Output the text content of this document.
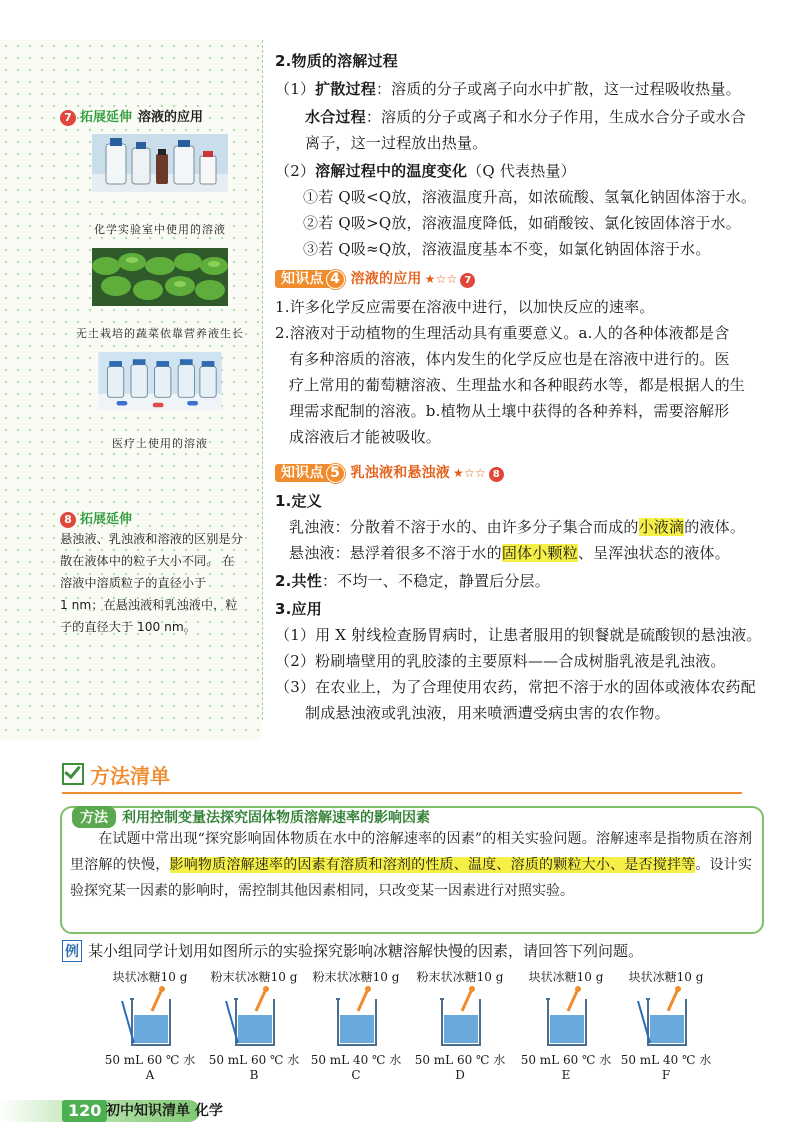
7 拓展延伸 溶液的应用
化学实验室中使用的溶液
无土栽培的蔬菜依靠营养液生长
医疗上使用的溶液
8 拓展延伸
悬浊液、乳浊液和溶液的区别是分
散在液体中的粒子大小不同。 在
溶液中溶质粒子的直径小于
1 nm；在悬浊液和乳浊液中，粒
子的直径大于 100 nm。
2.物质的溶解过程
（1）扩散过程：溶质的分子或离子向水中扩散，这一过程吸收热量。
水合过程：溶质的分子或离子和水分子作用，生成水合分子或水合
离子，这一过程放出热量。
（2）溶解过程中的温度变化（Q 代表热量）
①若 Q吸<Q放，溶液温度升高，如浓硫酸、氢氧化钠固体溶于水。
②若 Q吸>Q放，溶液温度降低，如硝酸铵、氯化铵固体溶于水。
③若 Q吸≈Q放，溶液温度基本不变，如氯化钠固体溶于水。
知识点 4 溶液的应用 ★☆☆ 7
1.许多化学反应需要在溶液中进行，以加快反应的速率。
2.溶液对于动植物的生理活动具有重要意义。a.人的各种体液都是含
有多种溶质的溶液，体内发生的化学反应也是在溶液中进行的。医
疗上常用的葡萄糖溶液、生理盐水和各种眼药水等，都是根据人的生
理需求配制的溶液。b.植物从土壤中获得的各种养料，需要溶解形
成溶液后才能被吸收。
知识点 5 乳浊液和悬浊液 ★☆☆ 8
1.定义
乳浊液：分散着不溶于水的、由许多分子集合而成的小液滴的液体。
悬浊液：悬浮着很多不溶于水的固体小颗粒、呈浑浊状态的液体。
2.共性：不均一、不稳定，静置后分层。
3.应用
（1）用 X 射线检查肠胃病时，让患者服用的钡餐就是硫酸钡的悬浊液。
（2）粉刷墙壁用的乳胶漆的主要原料——合成树脂乳液是乳浊液。
（3）在农业上，为了合理使用农药，常把不溶于水的固体或液体农药配
制成悬浊液或乳浊液，用来喷洒遭受病虫害的农作物。
方法清单
方法 利用控制变量法探究固体物质溶解速率的影响因素
  在试题中常出现“探究影响固体物质在水中的溶解速率的因素”的相关实验问题。溶解速率是指物质在溶剂里溶解的快慢，影响物质溶解速率的因素有溶质和溶剂的性质、温度、溶质的颗粒大小、是否搅拌等。设计实验探究某一因素的影响时，需控制其他因素相同，只改变某一因素进行对照实验。
例 某小组同学计划用如图所示的实验探究影响冰糖溶解快慢的因素，请回答下列问题。
块状冰糖10 g
50 mL 60 ℃ 水
A
粉末状冰糖10 g
50 mL 60 ℃ 水
B
粉末状冰糖10 g
50 mL 40 ℃ 水
C
粉末状冰糖10 g
50 mL 60 ℃ 水
D
块状冰糖10 g
50 mL 60 ℃ 水
E
块状冰糖10 g
50 mL 40 ℃ 水
F
120 初中知识清单 化学
